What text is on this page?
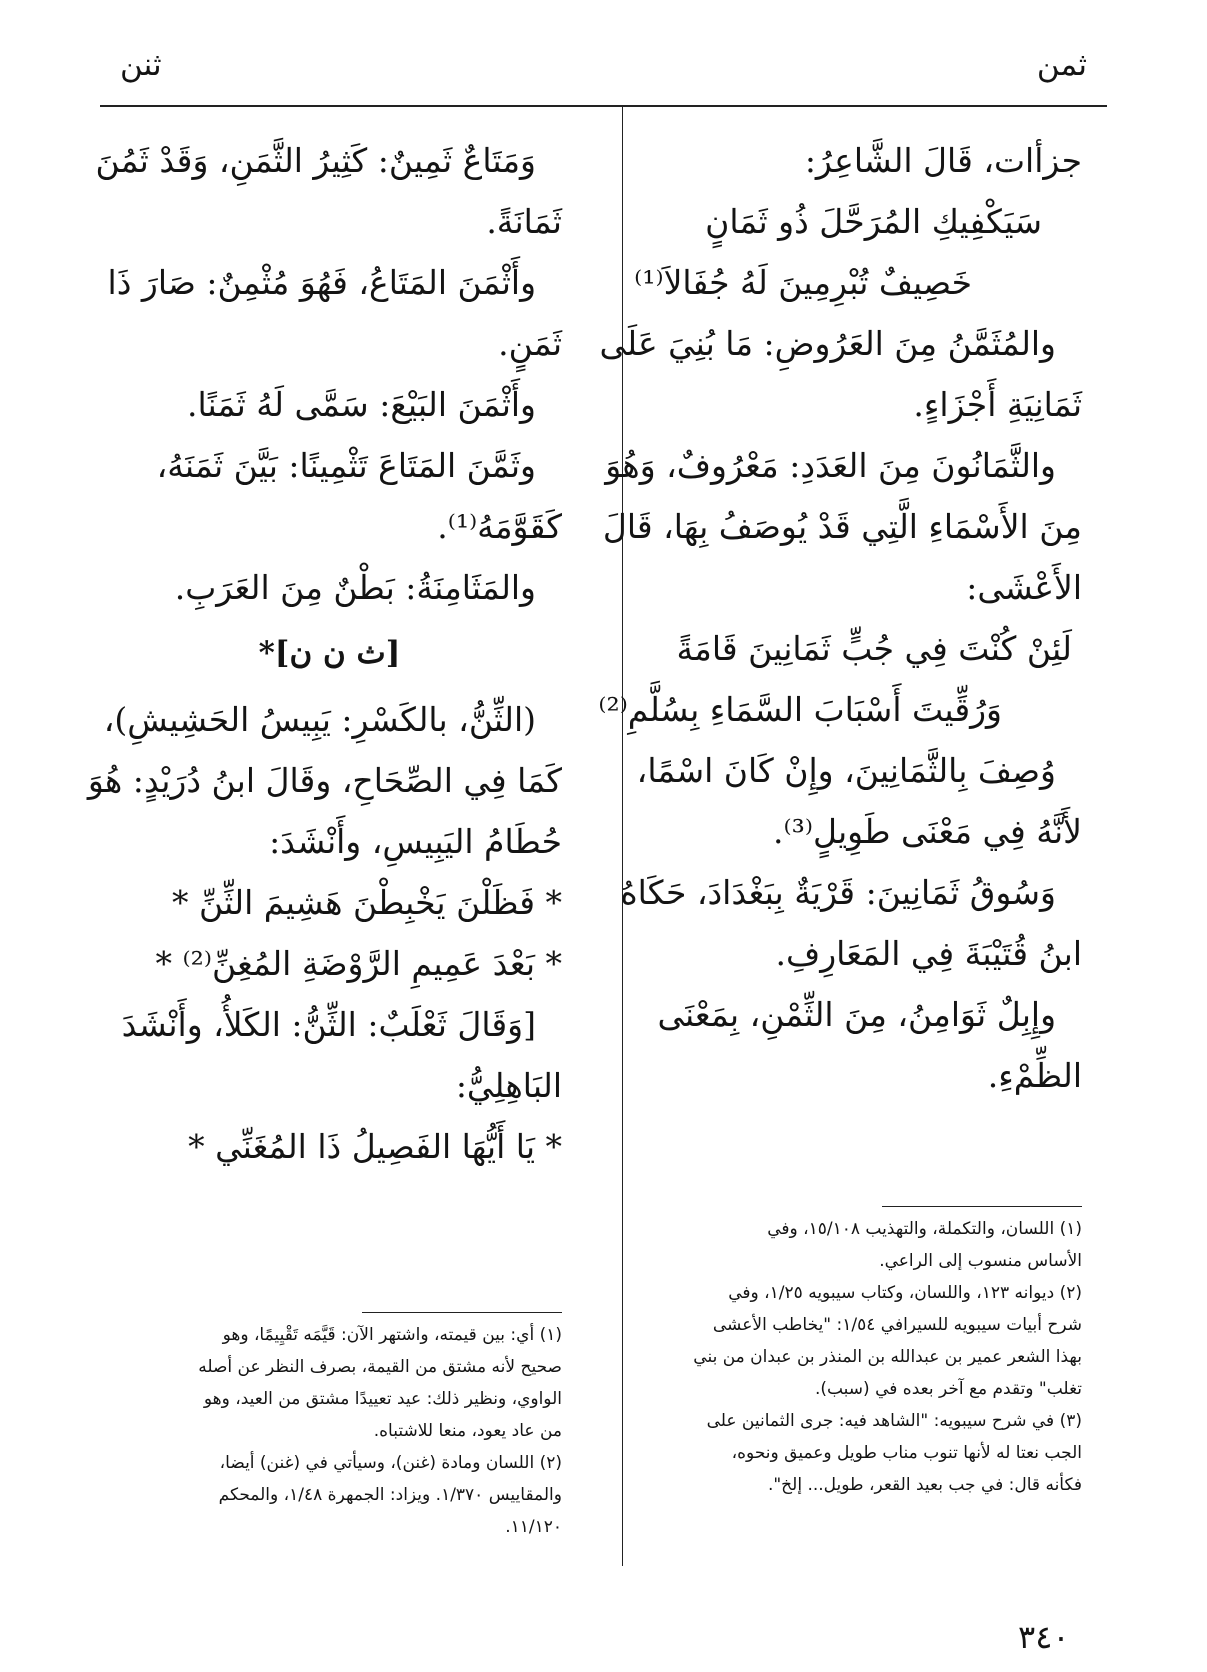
ثمن
ثنن
جزأات، قَالَ الشَّاعِرُ:
سَيَكْفِيكِ المُرَحَّلَ ذُو ثَمَانٍ
خَصِيفٌ تُبْرِمِينَ لَهُ جُفَالاَ⁽¹⁾
والمُثَمَّنُ مِنَ العَرُوضِ: مَا بُنِيَ عَلَى
ثَمَانِيَةِ أَجْزَاءٍ.
والثَّمَانُونَ مِنَ العَدَدِ: مَعْرُوفٌ، وَهُوَ
مِنَ الأَسْمَاءِ الَّتِي قَدْ يُوصَفُ بِهَا، قَالَ
الأَعْشَى:
لَئِنْ كُنْتَ فِي جُبٍّ ثَمَانِينَ قَامَةً
وَرُقِّيتَ أَسْبَابَ السَّمَاءِ بِسُلَّمِ⁽²⁾
وُصِفَ بِالثَّمَانِينَ، وإِنْ كَانَ اسْمًا،
لأَنَّهُ فِي مَعْنَى طَوِيلٍ⁽³⁾.
وَسُوقُ ثَمَانِينَ: قَرْيَةٌ بِبَغْدَادَ، حَكَاهُ
ابنُ قُتَيْبَةَ فِي المَعَارِفِ.
وإِبِلٌ ثَوَامِنُ، مِنَ الثِّمْنِ، بِمَعْنَى
الظِّمْءِ.
وَمَتَاعٌ ثَمِينٌ: كَثِيرُ الثَّمَنِ، وَقَدْ ثَمُنَ
ثَمَانَةً.
وأَثْمَنَ المَتَاعُ، فَهُوَ مُثْمِنٌ: صَارَ ذَا
ثَمَنٍ.
وأَثْمَنَ البَيْعَ: سَمَّى لَهُ ثَمَنًا.
وثَمَّنَ المَتَاعَ تَثْمِينًا: بَيَّنَ ثَمَنَهُ،
كَقَوَّمَهُ⁽¹⁾.
والمَثَامِنَةُ: بَطْنٌ مِنَ العَرَبِ.
[ث ن ن]*
(الثِّنُّ، بالكَسْرِ: يَبِيسُ الحَشِيشِ)،
كَمَا فِي الصِّحَاحِ، وقَالَ ابنُ دُرَيْدٍ: هُوَ
حُطَامُ اليَبِيسِ، وأَنْشَدَ:
* فَظَلْنَ يَخْبِطْنَ هَشِيمَ الثِّنِّ *
* بَعْدَ عَمِيمِ الرَّوْضَةِ المُغِنِّ⁽²⁾ *
[وَقَالَ ثَعْلَبٌ: الثِّنُّ: الكَلأُ، وأَنْشَدَ
البَاهِلِيُّ:
* يَا أَيُّهَا الفَصِيلُ ذَا المُغَنِّي *
(١) اللسان، والتكملة، والتهذيب ١٥/١٠٨، وفي
الأساس منسوب إلى الراعي.
(٢) ديوانه ١٢٣، واللسان، وكتاب سيبويه ١/٢٥، وفي
شرح أبيات سيبويه للسيرافي ١/٥٤: "يخاطب الأعشى
بهذا الشعر عمير بن عبدالله بن المنذر بن عبدان من بني
تغلب" وتقدم مع آخر بعده في (سبب).
(٣) في شرح سيبويه: "الشاهد فيه: جرى الثمانين على
الجب نعتا له لأنها تنوب مناب طويل وعميق ونحوه،
فكأنه قال: في جب بعيد القعر، طويل... إلخ".
(١) أي: بين قيمته، واشتهر الآن: قَيَّمَه تَقْيِيمًا، وهو
صحيح لأنه مشتق من القيمة، بصرف النظر عن أصله
الواوي، ونظير ذلك: عيد تعييدًا مشتق من العيد، وهو
من عاد يعود، منعا للاشتباه.
(٢) اللسان ومادة (غنن)، وسيأتي في (غنن) أيضا،
والمقاييس ١/٣٧٠. ويزاد: الجمهرة ١/٤٨، والمحكم
١١/١٢٠.
٣٤٠
